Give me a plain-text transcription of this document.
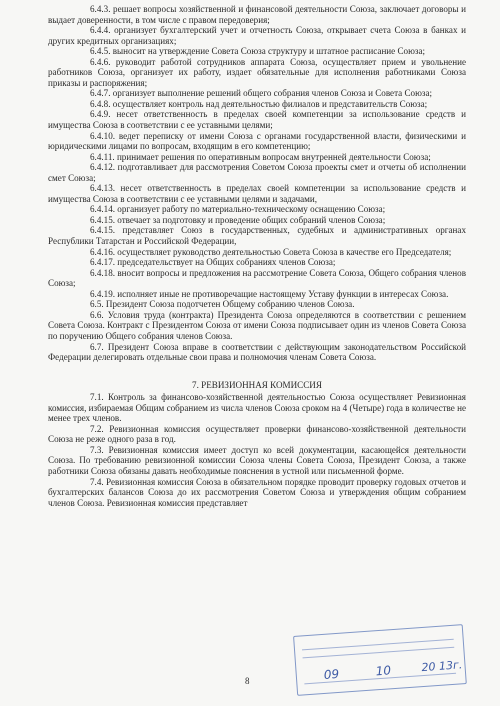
6.4.3. решает вопросы хозяйственной и финансовой деятельности Союза, заключает договоры и выдает доверенности, в том числе с правом передоверия;

6.4.4. организует бухгалтерский учет и отчетность Союза, открывает счета Союза в банках и других кредитных организациях;

6.4.5. выносит на утверждение Совета Союза структуру и штатное расписание Союза;

6.4.6. руководит работой сотрудников аппарата Союза, осуществляет прием и увольнение работников Союза, организует их работу, издает обязательные для исполнения работниками Союза приказы и распоряжения;

6.4.7. организует выполнение решений общего собрания членов Союза и Совета Союза;

6.4.8. осуществляет контроль над деятельностью филиалов и представительств Союза;

6.4.9. несет ответственность в пределах своей компетенции за использование средств и имущества Союза в соответствии с ее уставными целями;

6.4.10. ведет переписку от имени Союза с органами государственной власти, физическими и юридическими лицами по вопросам, входящим в его компетенцию;

6.4.11. принимает решения по оперативным вопросам внутренней деятельности Союза;

6.4.12. подготавливает для рассмотрения Советом Союза проекты смет и отчеты об исполнении смет Союза;

6.4.13. несет ответственность в пределах своей компетенции за использование средств и имущества Союза в соответствии с ее уставными целями и задачами,

6.4.14. организует работу по материально-техническому оснащению Союза;

6.4.15. отвечает за подготовку и проведение общих собраний членов Союза;

6.4.15. представляет Союз в государственных, судебных и административных органах Республики Татарстан и Российской Федерации,

6.4.16. осуществляет руководство деятельностью Совета Союза в качестве его Председателя;

6.4.17. председательствует на Общих собраниях членов Союза;

6.4.18. вносит вопросы и предложения на рассмотрение Совета Союза, Общего собрания членов Союза;

6.4.19. исполняет иные не противоречащие настоящему Уставу функции в интересах Союза.

6.5. Президент Союза подотчетен Общему собранию членов Союза.

6.6. Условия труда (контракта) Президента Союза определяются в соответствии с решением Совета Союза. Контракт с Президентом Союза от имени Союза подписывает один из членов Совета Союза по поручению Общего собрания членов Союза.

6.7. Президент Союза вправе в соответствии с действующим законодательством Российской Федерации делегировать отдельные свои права и полномочия членам Совета Союза.

7. РЕВИЗИОННАЯ КОМИССИЯ

7.1. Контроль за финансово-хозяйственной деятельностью Союза осуществляет Ревизионная комиссия, избираемая Общим собранием из числа членов Союза сроком на 4 (Четыре) года в количестве не менее трех членов.

7.2. Ревизионная комиссия осуществляет проверки финансово-хозяйственной деятельности Союза не реже одного раза в год.

7.3. Ревизионная комиссия имеет доступ ко всей документации, касающейся деятельности Союза. По требованию ревизионной комиссии Союза члены Совета Союза, Президент Союза, а также работники Союза обязаны давать необходимые пояснения в устной или письменной форме.

7.4. Ревизионная комиссия Союза в обязательном порядке проводит проверку годовых отчетов и бухгалтерских балансов Союза до их рассмотрения Советом Союза и утверждения общим собранием членов Союза. Ревизионная комиссия представляет

09	10	20 13г.
8
